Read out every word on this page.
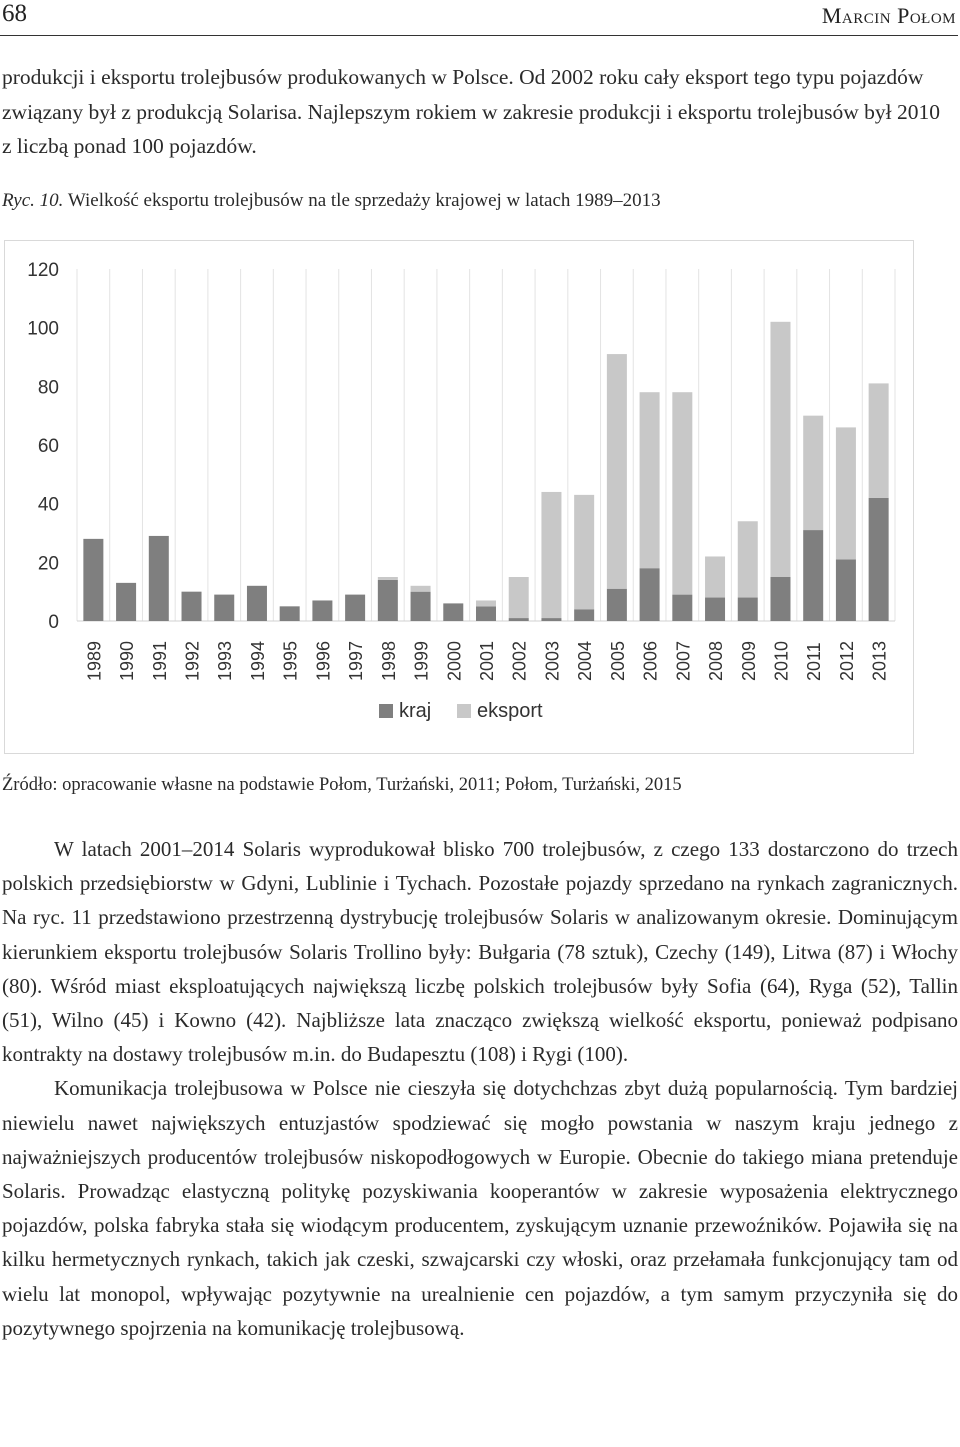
68	Marcin Połom
produkcji i eksportu trolejbusów produkowanych w Polsce. Od 2002 roku cały eksport tego typu pojazdów związany był z produkcją Solarisa. Najlepszym rokiem w zakresie produkcji i eksportu trolejbusów był 2010 z liczbą ponad 100 pojazdów.
Ryc. 10. Wielkość eksportu trolejbusów na tle sprzedaży krajowej w latach 1989–2013
0
20
40
60
80
100
120
1989 1990 1991 1992 1993 1994 1995 1996 1997 1998 1999 2000 2001 2002 2003 2004 2005 2006 2007 2008 2009 2010 2011 2012 2013
kraj eksport
Źródło: opracowanie własne na podstawie Połom, Turżański, 2011; Połom, Turżański, 2015

W latach 2001–2014 Solaris wyprodukował blisko 700 trolejbusów, z czego 133 dostarczono do trzech polskich przedsiębiorstw w Gdyni, Lublinie i Tychach. Pozostałe pojazdy sprzedano na rynkach zagranicznych. Na ryc. 11 przedstawiono przestrzenną dystrybucję trolejbusów Solaris w analizowanym okresie. Dominującym kierunkiem eksportu trolejbusów Solaris Trollino były: Bułgaria (78 sztuk), Czechy (149), Litwa (87) i Włochy (80). Wśród miast eksploatujących największą liczbę polskich trolejbusów były Sofia (64), Ryga (52), Tallin (51), Wilno (45) i Kowno (42). Najbliższe lata znacząco zwiększą wielkość eksportu, ponieważ podpisano kontrakty na dostawy trolejbusów m.in. do Budapesztu (108) i Rygi (100).

Komunikacja trolejbusowa w Polsce nie cieszyła się dotychchzas zbyt dużą popularnością. Tym bardziej niewielu nawet największych entuzjastów spodziewać się mogło powstania w naszym kraju jednego z najważniejszych producentów trolejbusów niskopodłogowych w Europie. Obecnie do takiego miana pretenduje Solaris. Prowadząc elastyczną politykę pozyskiwania kooperantów w zakresie wyposażenia elektrycznego pojazdów, polska fabryka stała się wiodącym producentem, zyskującym uznanie przewoźników. Pojawiła się na kilku hermetycznych rynkach, takich jak czeski, szwajcarski czy włoski, oraz przełamała funkcjonujący tam od wielu lat monopol, wpływając pozytywnie na urealnienie cen pojazdów, a tym samym przyczyniła się do pozytywnego spojrzenia na komunikację trolejbusową.
